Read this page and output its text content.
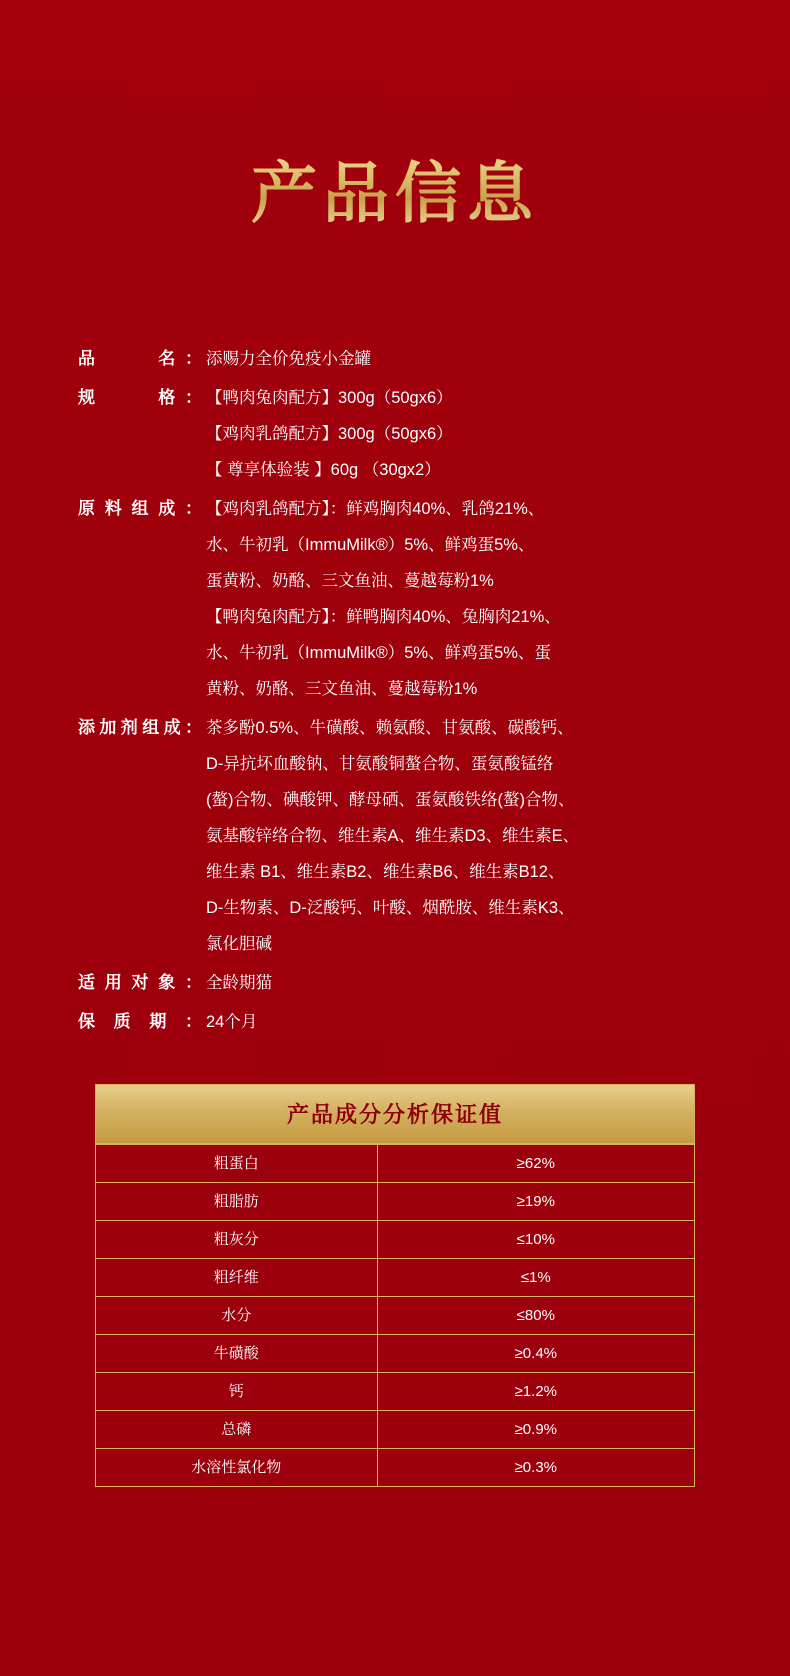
产品信息
品　　名： 添赐力全价免疫小金罐
规　　格： 【鸭肉兔肉配方】300g（50gx6）
【鸡肉乳鸽配方】300g（50gx6）
【 尊享体验装 】60g （30gx2）
原料组成： 【鸡肉乳鸽配方】：鲜鸡胸肉40%、乳鸽21%、
水、牛初乳（ImmuMilk®）5%、鲜鸡蛋5%、
蛋黄粉、奶酪、三文鱼油、蔓越莓粉1%
【鸭肉兔肉配方】：鲜鸭胸肉40%、兔胸肉21%、
水、牛初乳（ImmuMilk®）5%、鲜鸡蛋5%、蛋
黄粉、奶酪、三文鱼油、蔓越莓粉1%
添加剂组成： 茶多酚0.5%、牛磺酸、赖氨酸、甘氨酸、碳酸钙、
D-异抗坏血酸钠、甘氨酸铜螯合物、蛋氨酸锰络
(螯)合物、碘酸钾、酵母硒、蛋氨酸铁络(螯)合物、
氨基酸锌络合物、维生素A、维生素D3、维生素E、
维生素 B1、维生素B2、维生素B6、维生素B12、
D-生物素、D-泛酸钙、叶酸、烟酰胺、维生素K3、
氯化胆碱
适用对象： 全龄期猫
保质期： 24个月
产品成分分析保证值
粗蛋白	≥62%
粗脂肪	≥19%
粗灰分	≤10%
粗纤维	≤1%
水分	≤80%
牛磺酸	≥0.4%
钙	≥1.2%
总磷	≥0.9%
水溶性氯化物	≥0.3%
